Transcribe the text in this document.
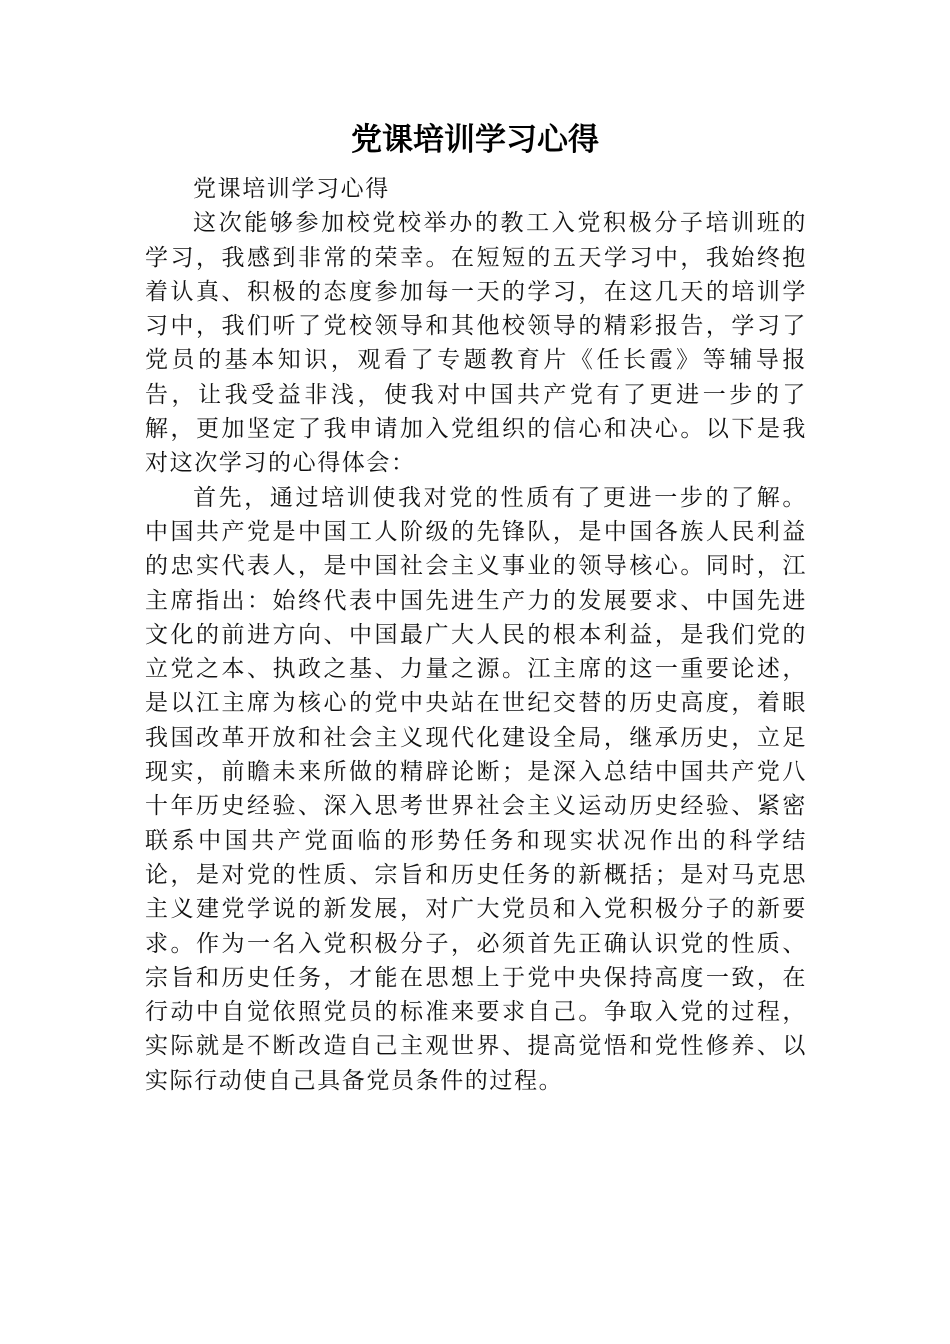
党课培训学习心得

党课培训学习心得

这次能够参加校党校举办的教工入党积极分子培训班的学习，我感到非常的荣幸。在短短的五天学习中，我始终抱着认真、积极的态度参加每一天的学习，在这几天的培训学习中，我们听了党校领导和其他校领导的精彩报告，学习了党员的基本知识，观看了专题教育片《任长霞》等辅导报告，让我受益非浅，使我对中国共产党有了更进一步的了解，更加坚定了我申请加入党组织的信心和决心。以下是我对这次学习的心得体会：

首先，通过培训使我对党的性质有了更进一步的了解。中国共产党是中国工人阶级的先锋队，是中国各族人民利益的忠实代表人，是中国社会主义事业的领导核心。同时，江主席指出：始终代表中国先进生产力的发展要求、中国先进文化的前进方向、中国最广大人民的根本利益，是我们党的立党之本、执政之基、力量之源。江主席的这一重要论述，是以江主席为核心的党中央站在世纪交替的历史高度，着眼我国改革开放和社会主义现代化建设全局，继承历史，立足现实，前瞻未来所做的精辟论断；是深入总结中国共产党八十年历史经验、深入思考世界社会主义运动历史经验、紧密联系中国共产党面临的形势任务和现实状况作出的科学结论，是对党的性质、宗旨和历史任务的新概括；是对马克思主义建党学说的新发展，对广大党员和入党积极分子的新要求。作为一名入党积极分子，必须首先正确认识党的性质、宗旨和历史任务，才能在思想上于党中央保持高度一致，在行动中自觉依照党员的标准来要求自己。争取入党的过程，实际就是不断改造自己主观世界、提高觉悟和党性修养、以实际行动使自己具备党员条件的过程。
